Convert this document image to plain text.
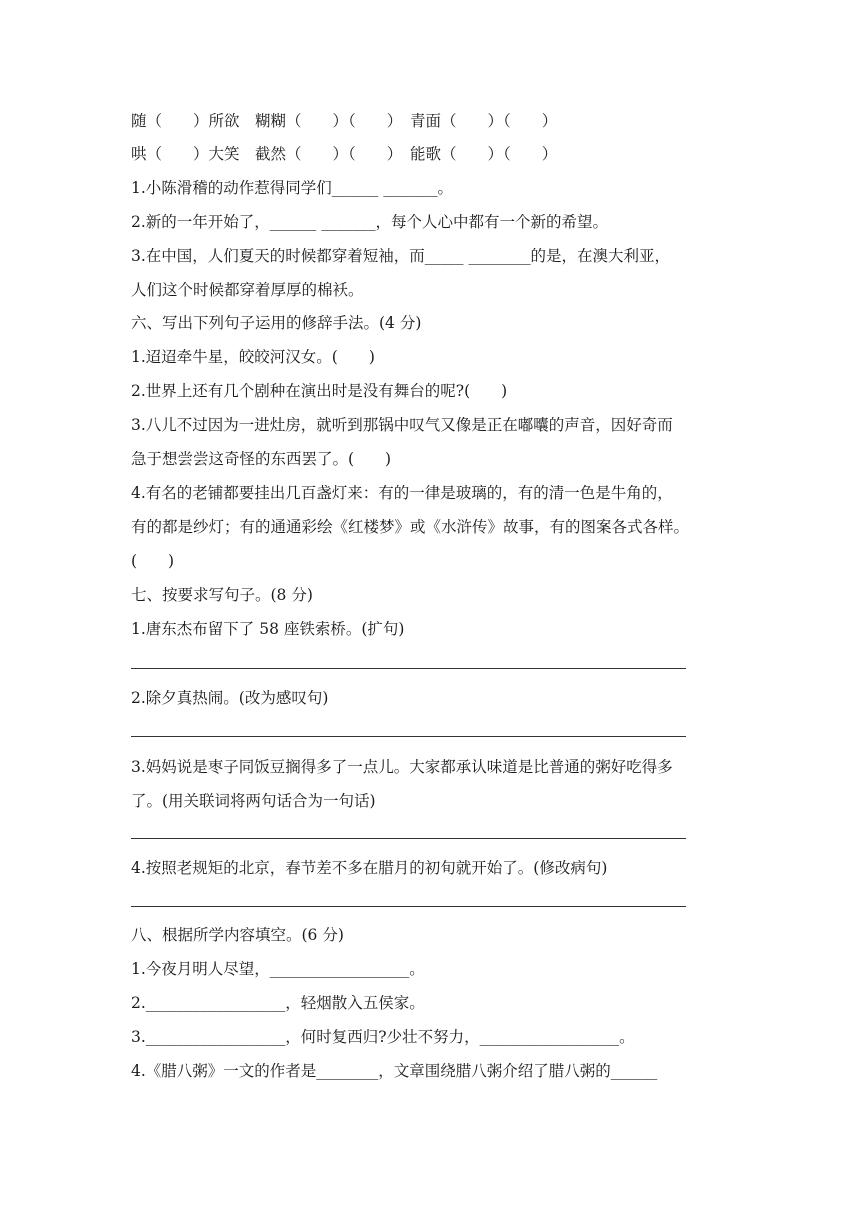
随（　　）所欲　糊糊（　　）（　　）　青面（　　）（　　）
哄（　　）大笑　截然（　　）（　　）　能歌（　　）（　　）
1.小陈滑稽的动作惹得同学们______ _______。
2.新的一年开始了，______ _______，每个人心中都有一个新的希望。
3.在中国，人们夏天的时候都穿着短袖，而_____ ________的是，在澳大利亚，
人们这个时候都穿着厚厚的棉袄。
六、写出下列句子运用的修辞手法。(4 分)
1.迢迢牵牛星，皎皎河汉女。(　　)
2.世界上还有几个剧种在演出时是没有舞台的呢?(　　)
3.八儿不过因为一进灶房，就听到那锅中叹气又像是正在嘟囔的声音，因好奇而
急于想尝尝这奇怪的东西罢了。(　　)
4.有名的老铺都要挂出几百盏灯来：有的一律是玻璃的，有的清一色是牛角的，
有的都是纱灯；有的通通彩绘《红楼梦》或《水浒传》故事，有的图案各式各样。
(　　)
七、按要求写句子。(8 分)
1.唐东杰布留下了 58 座铁索桥。(扩句)
2.除夕真热闹。(改为感叹句)
3.妈妈说是枣子同饭豆搁得多了一点儿。大家都承认味道是比普通的粥好吃得多
了。(用关联词将两句话合为一句话)
4.按照老规矩的北京，春节差不多在腊月的初旬就开始了。(修改病句)
八、根据所学内容填空。(6 分)
1.今夜月明人尽望，__________________。
2.__________________，轻烟散入五侯家。
3.__________________，何时复西归?少壮不努力，__________________。
4.《腊八粥》一文的作者是________，文章围绕腊八粥介绍了腊八粥的______
